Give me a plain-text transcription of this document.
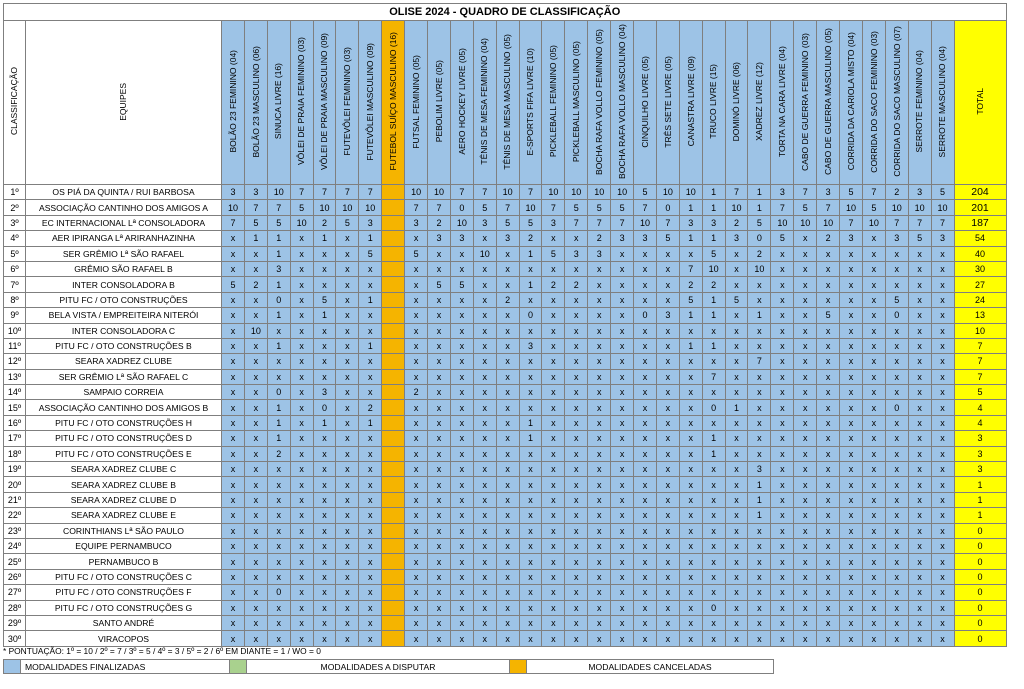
OLISE 2024 - QUADRO DE CLASSIFICAÇÃO																																		
CLASSIFICAÇÃO	EQUIPES	BOLÃO 23 FEMININO (04)	BOLÃO 23 MASCULINO (06)	SINUCA LIVRE (16)	VÔLEI DE PRAIA FEMININO (03)	VÔLEI DE PRAIA MASCULINO (09)	FUTEVÔLEI FEMININO (03)	FUTEVÔLEI MASCULINO (09)	FUTEBOL SUÍÇO MASCULINO (16)	FUTSAL FEMININO (05)	PEBOLIM LIVRE (05)	AERO HOCKEY LIVRE (05)	TÊNIS DE MESA FEMININO (04)	TÊNIS DE MESA MASCULINO (05)	E-SPORTS FIFA LIVRE (10)	PICKLEBALL FEMININO (05)	PICKLEBALL MASCULINO (05)	BOCHA RAFA VOLLO FEMININO (05)	BOCHA RAFA VOLLO MASCULINO (04)	CINQUILHO LIVRE (05)	TRÊS SETE LIVRE (05)	CANASTRA LIVRE (09)	TRUCO LIVRE (15)	DOMINÓ LIVRE (06)	XADREZ LIVRE (12)	TORTA NA CARA LIVRE (04)	CABO DE GUERRA FEMININO (03)	CABO DE GUERRA MASCULINO (05)	CORRIDA DA CARIOLA MISTO (04)	CORRIDA DO SACO FEMININO (03)	CORRIDA DO SACO MASCULINO (07)	SERROTE FEMININO (04)	SERROTE MASCULINO (04)	TOTAL
1º	OS PIÁ DA QUINTA / RUI BARBOSA	3	3	10	7	7	7	7		10	10	7	7	10	7	10	10	10	10	5	10	10	1	7	1	3	7	3	5	7	2	3	5	204
2º	ASSOCIAÇÃO CANTINHO DOS AMIGOS A	10	7	7	5	10	10	10		7	7	0	5	7	10	7	5	5	5	7	0	1	1	10	1	7	5	7	10	5	10	10	10	201
3º	EC INTERNACIONAL Lª CONSOLADORA	7	5	5	10	2	5	3		3	2	10	3	5	5	3	7	7	7	10	7	3	3	2	5	10	10	10	7	10	7	7	7	187
4º	AER IPIRANGA Lª ARIRANHAZINHA	x	1	1	x	1	x	1		x	3	3	x	3	2	x	x	2	3	3	5	1	1	3	0	5	x	2	3	x	3	5	3	54
5º	SER GRÊMIO Lª SÃO RAFAEL	x	x	1	x	x	x	5		5	x	x	10	x	1	5	3	3	x	x	x	x	5	x	2	x	x	x	x	x	x	x	x	40
6º	GRÊMIO SÃO RAFAEL B	x	x	3	x	x	x	x		x	x	x	x	x	x	x	x	x	x	x	x	7	10	x	10	x	x	x	x	x	x	x	x	30
7º	INTER CONSOLADORA B	5	2	1	x	x	x	x		x	5	5	x	x	1	2	2	x	x	x	x	2	2	x	x	x	x	x	x	x	x	x	x	27
8º	PITU FC / OTO CONSTRUÇÕES	x	x	0	x	5	x	1		x	x	x	x	2	x	x	x	x	x	x	x	5	1	5	x	x	x	x	x	x	5	x	x	24
9º	BELA VISTA / EMPREITEIRA NITERÓI	x	x	1	x	1	x	x		x	x	x	x	x	0	x	x	x	x	0	3	1	1	x	1	x	x	5	x	x	0	x	x	13
10º	INTER CONSOLADORA C	x	10	x	x	x	x	x		x	x	x	x	x	x	x	x	x	x	x	x	x	x	x	x	x	x	x	x	x	x	x	x	10
11º	PITU FC / OTO CONSTRUÇÕES B	x	x	1	x	x	x	1		x	x	x	x	x	3	x	x	x	x	x	x	1	1	x	x	x	x	x	x	x	x	x	x	7
12º	SEARA XADREZ CLUBE	x	x	x	x	x	x	x		x	x	x	x	x	x	x	x	x	x	x	x	x	x	x	7	x	x	x	x	x	x	x	x	7
13º	SER GRÊMIO Lª SÃO RAFAEL C	x	x	x	x	x	x	x		x	x	x	x	x	x	x	x	x	x	x	x	x	7	x	x	x	x	x	x	x	x	x	x	7
14º	SAMPAIO CORREIA	x	x	0	x	3	x	x		2	x	x	x	x	x	x	x	x	x	x	x	x	x	x	x	x	x	x	x	x	x	x	x	5
15º	ASSOCIAÇÃO CANTINHO DOS AMIGOS B	x	x	1	x	0	x	2		x	x	x	x	x	x	x	x	x	x	x	x	x	0	1	x	x	x	x	x	x	0	x	x	4
16º	PITU FC / OTO CONSTRUÇÕES H	x	x	1	x	1	x	1		x	x	x	x	x	1	x	x	x	x	x	x	x	x	x	x	x	x	x	x	x	x	x	x	4
17º	PITU FC / OTO CONSTRUÇÕES D	x	x	1	x	x	x	x		x	x	x	x	x	1	x	x	x	x	x	x	x	1	x	x	x	x	x	x	x	x	x	x	3
18º	PITU FC / OTO CONSTRUÇÕES E	x	x	2	x	x	x	x		x	x	x	x	x	x	x	x	x	x	x	x	x	1	x	x	x	x	x	x	x	x	x	x	3
19º	SEARA XADREZ CLUBE C	x	x	x	x	x	x	x		x	x	x	x	x	x	x	x	x	x	x	x	x	x	x	3	x	x	x	x	x	x	x	x	3
20º	SEARA XADREZ CLUBE B	x	x	x	x	x	x	x		x	x	x	x	x	x	x	x	x	x	x	x	x	x	x	1	x	x	x	x	x	x	x	x	1
21º	SEARA XADREZ CLUBE D	x	x	x	x	x	x	x		x	x	x	x	x	x	x	x	x	x	x	x	x	x	x	1	x	x	x	x	x	x	x	x	1
22º	SEARA XADREZ CLUBE E	x	x	x	x	x	x	x		x	x	x	x	x	x	x	x	x	x	x	x	x	x	x	1	x	x	x	x	x	x	x	x	1
23º	CORINTHIANS Lª SÃO PAULO	x	x	x	x	x	x	x		x	x	x	x	x	x	x	x	x	x	x	x	x	x	x	x	x	x	x	x	x	x	x	x	0
24º	EQUIPE PERNAMBUCO	x	x	x	x	x	x	x		x	x	x	x	x	x	x	x	x	x	x	x	x	x	x	x	x	x	x	x	x	x	x	x	0
25º	PERNAMBUCO B	x	x	x	x	x	x	x		x	x	x	x	x	x	x	x	x	x	x	x	x	x	x	x	x	x	x	x	x	x	x	x	0
26º	PITU FC / OTO CONSTRUÇÕES C	x	x	x	x	x	x	x		x	x	x	x	x	x	x	x	x	x	x	x	x	x	x	x	x	x	x	x	x	x	x	x	0
27º	PITU FC / OTO CONSTRUÇÕES F	x	x	0	x	x	x	x		x	x	x	x	x	x	x	x	x	x	x	x	x	x	x	x	x	x	x	x	x	x	x	x	0
28º	PITU FC / OTO CONSTRUÇÕES G	x	x	x	x	x	x	x		x	x	x	x	x	x	x	x	x	x	x	x	x	0	x	x	x	x	x	x	x	x	x	x	0
29º	SANTO ANDRÉ	x	x	x	x	x	x	x		x	x	x	x	x	x	x	x	x	x	x	x	x	x	x	x	x	x	x	x	x	x	x	x	0
30º	VIRACOPOS	x	x	x	x	x	x	x		x	x	x	x	x	x	x	x	x	x	x	x	x	x	x	x	x	x	x	x	x	x	x	x	0
* PONTUAÇÃO: 1º = 10 / 2º = 7 / 3º = 5 / 4º = 3 / 5º = 2 / 6º EM DIANTE = 1 / WO = 0
	MODALIDADES FINALIZADAS		MODALIDADES A DISPUTAR		MODALIDADES CANCELADAS
